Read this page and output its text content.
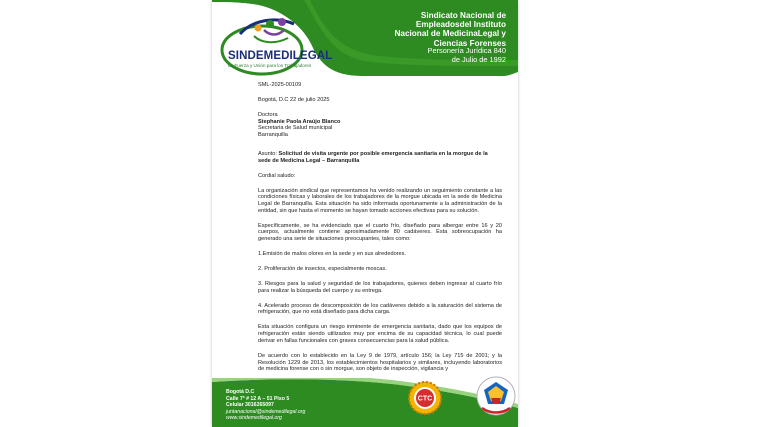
Sindicato Nacional de
Empleadosdel Instituto
Nacional de MedicinaLegal y
Ciencias Forenses
Personería Jurídica 840
de Julio de 1992
SINDEMEDILEGAL
La Fuerza y Unión para los Trabajadores

SML-2025-00109

Bogotá, D.C 22 de julio 2025

Doctora

Stephanie Paola Araújo Blanco

Secretaria de Salud municipal

Barranquilla

Asunto: Solicitud de visita urgente por posible emergencia sanitaria en la morgue de la sede de Medicina Legal – Barranquilla

Cordial saludo:

La organización sindical que representamos ha venido realizando un seguimiento constante a las condiciones físicas y laborales de los trabajadores de la morgue ubicada en la sede de Medicina Legal de Barranquilla. Esta situación ha sido informada oportunamente a la administración de la entidad, sin que hasta el momento se hayan tomado acciones efectivas para su solución.

Específicamente, se ha evidenciado que el cuarto frío, diseñado para albergar entre 16 y 20 cuerpos, actualmente contiene aproximadamente 80 cadáveres. Esta sobreocupación ha generado una serie de situaciones preocupantes, tales como:

1.Emisión de malos olores en la sede y en sus alrededores.

2. Proliferación de insectos, especialmente moscas.

3. Riesgos para la salud y seguridad de los trabajadores, quienes deben ingresar al cuarto frío para realizar la búsqueda del cuerpo y su entrega.

4. Acelerado proceso de descomposición de los cadáveres debido a la saturación del sistema de refrigeración, que no está diseñado para dicha carga.

Esta situación configura un riesgo inminente de emergencia sanitaria, dado que los equipos de refrigeración están siendo utilizados muy por encima de su capacidad técnica, lo cual puede derivar en fallas funcionales con graves consecuencias para la salud pública.

De acuerdo con lo establecido en la Ley 9 de 1979, artículo 156; la Ley 715 de 2001; y la Resolución 1229 de 2013, los establecimientos hospitalarios y similares, incluyendo laboratorios de medicina forense con o sin morgue, son objeto de inspección, vigilancia y

Bogotá D.C
Calle 7ª # 12 A – 51 Piso 5
Celular 3016265097
juntanacional@sindemedilegal.org
www.sindemedilegal.org
CTC
